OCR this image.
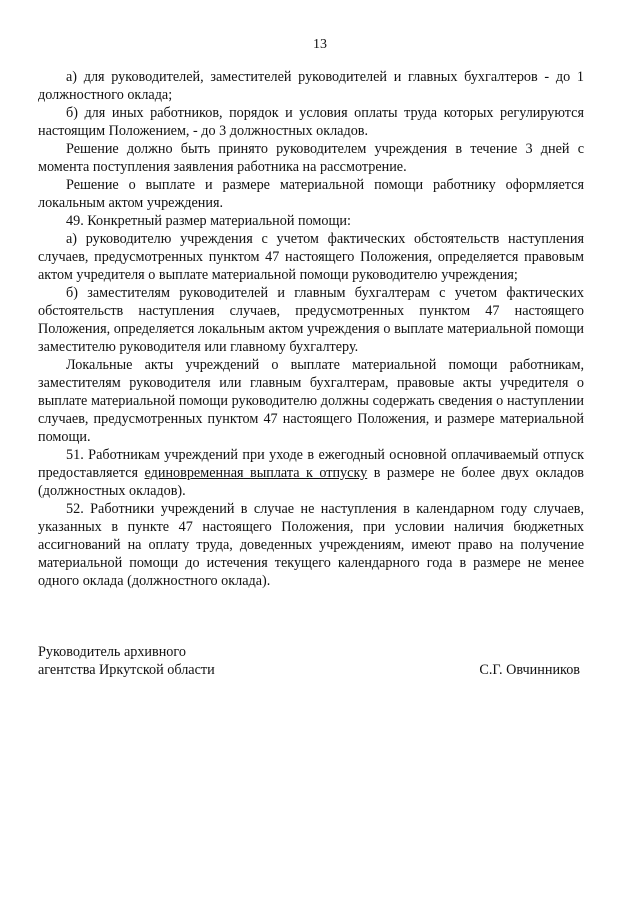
13

а) для руководителей, заместителей руководителей и главных бухгалтеров - до 1 должностного оклада;

б) для иных работников, порядок и условия оплаты труда которых регулируются настоящим Положением, - до 3 должностных окладов.

Решение должно быть принято руководителем учреждения в течение 3 дней с момента поступления заявления работника на рассмотрение.

Решение о выплате и размере материальной помощи работнику оформляется локальным актом учреждения.

49. Конкретный размер материальной помощи:

а) руководителю учреждения с учетом фактических обстоятельств наступления случаев, предусмотренных пунктом 47 настоящего Положения, определяется правовым актом учредителя о выплате материальной помощи руководителю учреждения;

б) заместителям руководителей и главным бухгалтерам с учетом фактических обстоятельств наступления случаев, предусмотренных пунктом 47 настоящего Положения, определяется локальным актом учреждения о выплате материальной помощи заместителю руководителя или главному бухгалтеру.

Локальные акты учреждений о выплате материальной помощи работникам, заместителям руководителя или главным бухгалтерам, правовые акты учредителя о выплате материальной помощи руководителю должны содержать сведения о наступлении случаев, предусмотренных пунктом 47 настоящего Положения, и размере материальной помощи.

51. Работникам учреждений при уходе в ежегодный основной оплачиваемый отпуск предоставляется единовременная выплата к отпуску в размере не более двух окладов (должностных окладов).

52. Работники учреждений в случае не наступления в календарном году случаев, указанных в пункте 47 настоящего Положения, при условии наличия бюджетных ассигнований на оплату труда, доведенных учреждениям, имеют право на получение материальной помощи до истечения текущего календарного года в размере не менее одного оклада (должностного оклада).

Руководитель архивного
агентства Иркутской области	С.Г. Овчинников
